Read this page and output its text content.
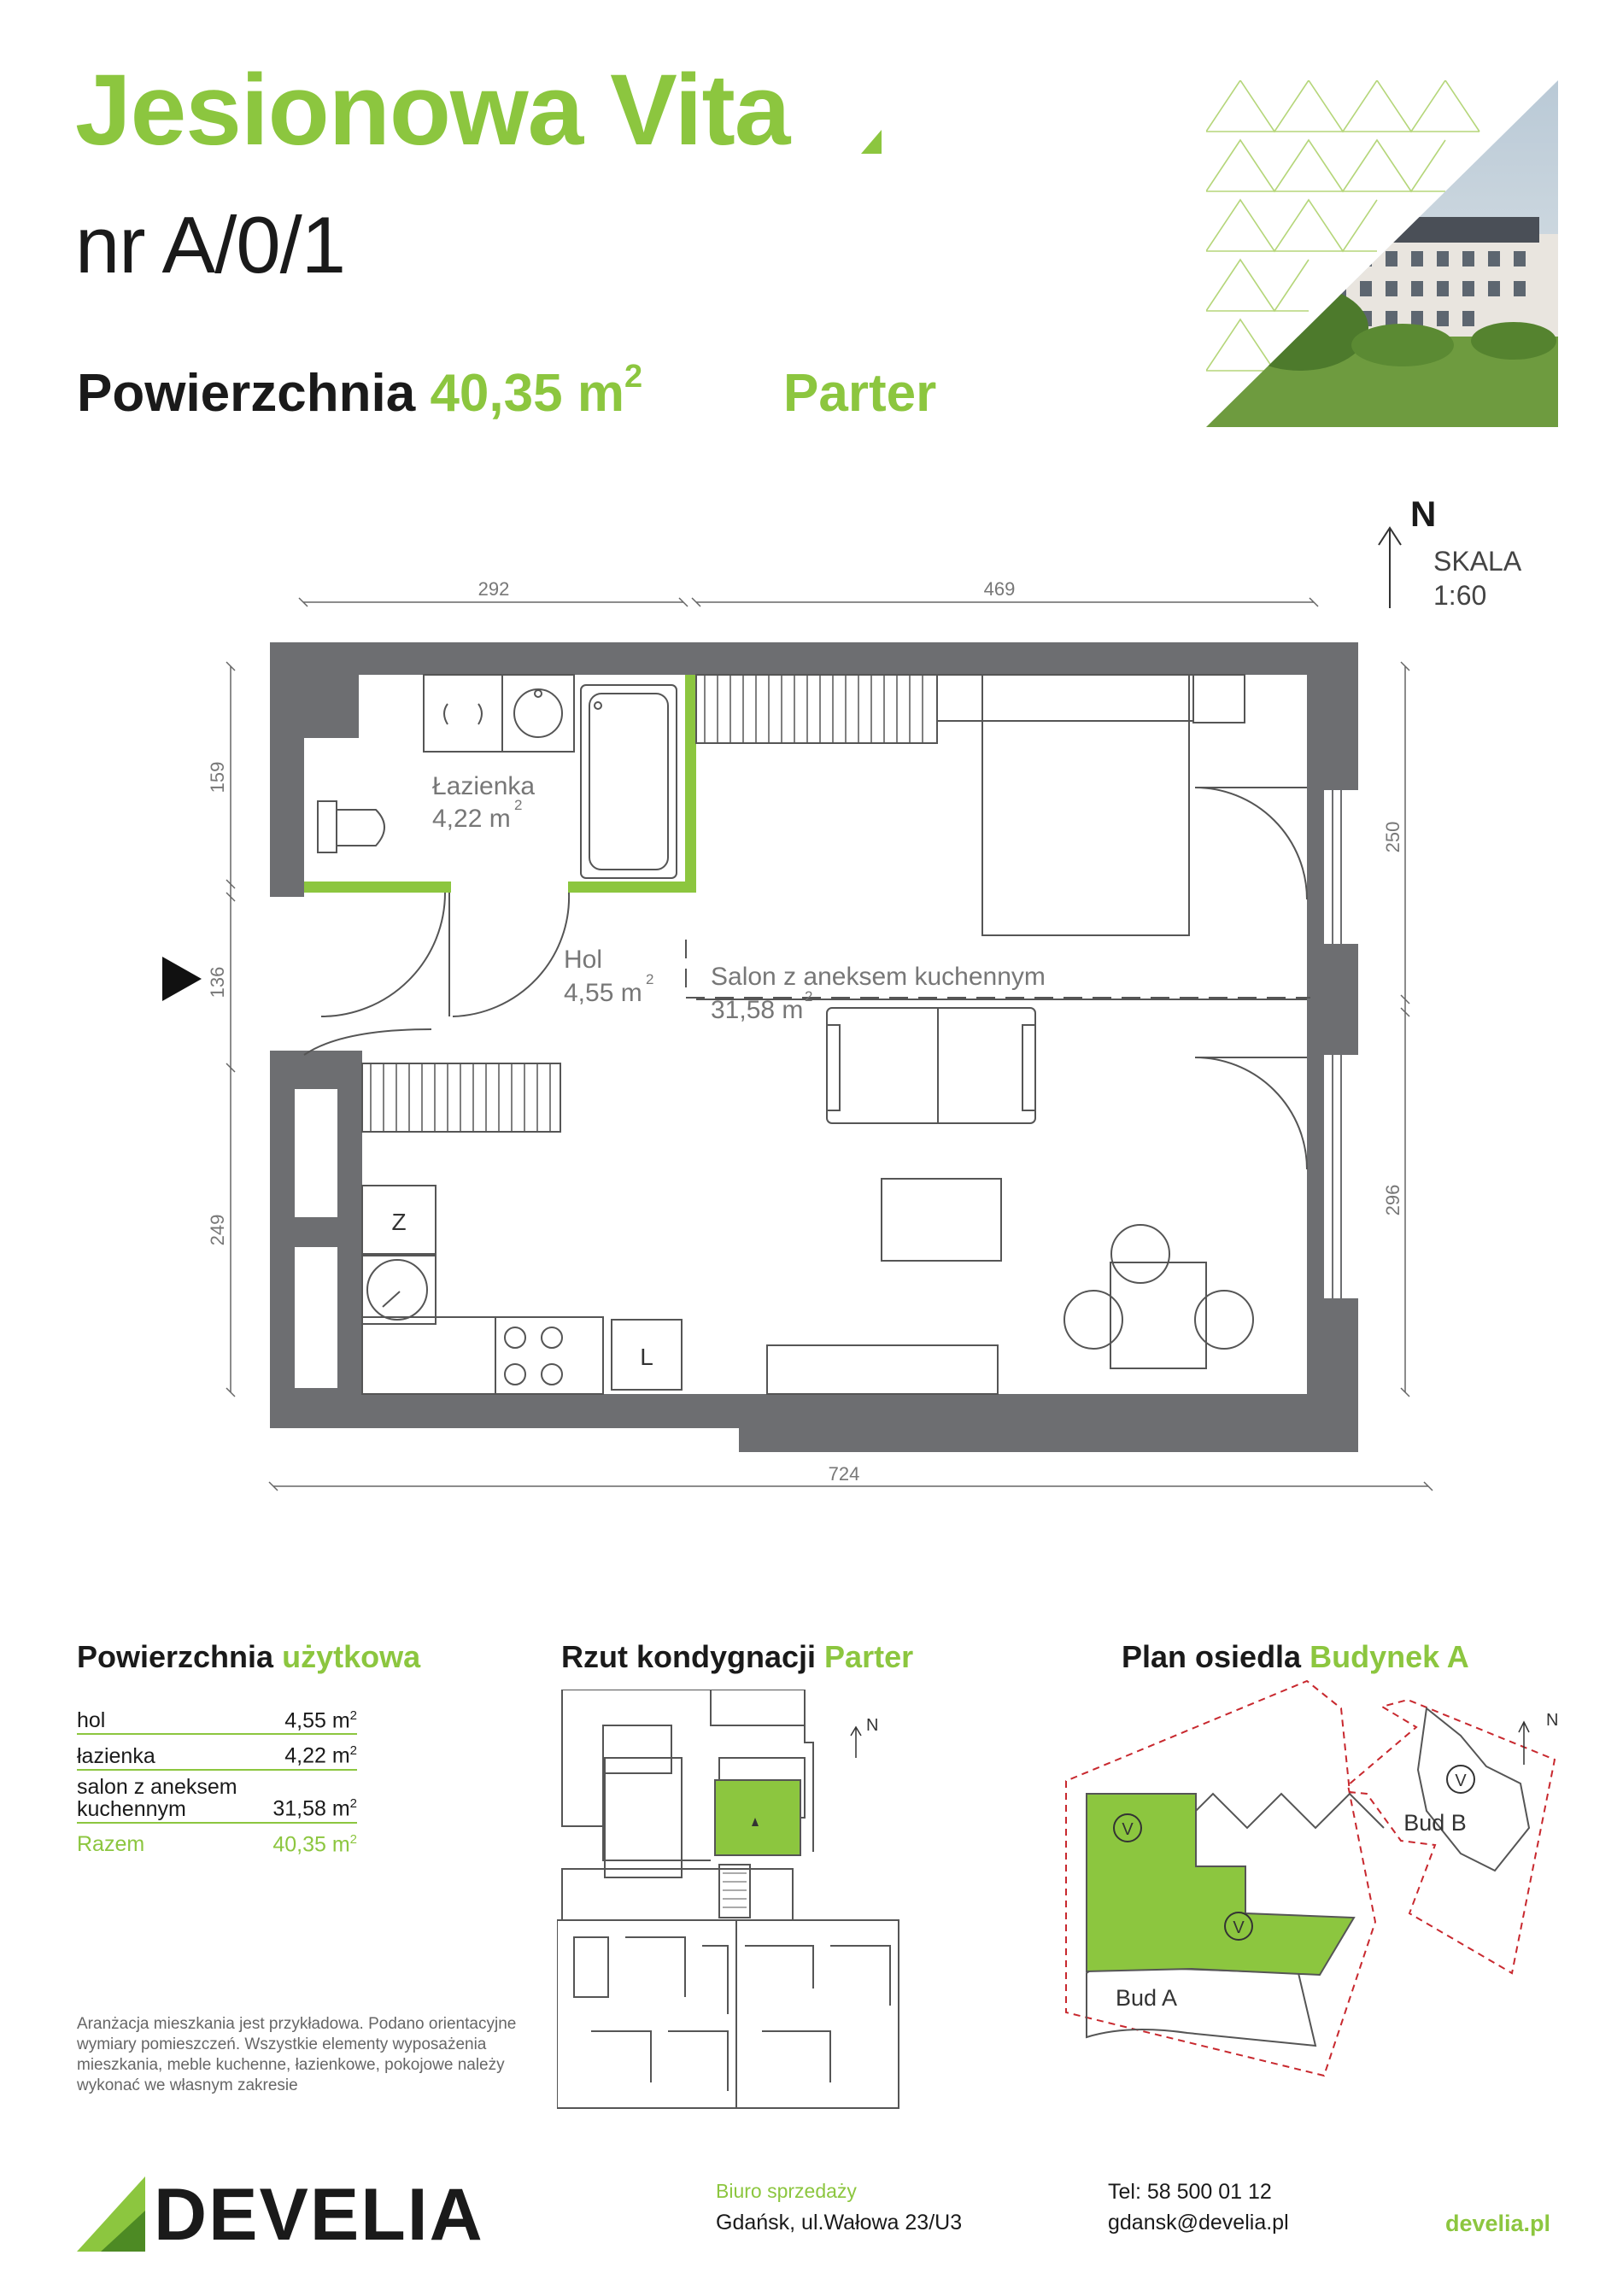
Jesionowa Vita
nr A/0/1
Powierzchnia 40,35 $m^2$	Parter
N
SKALA
1:60
292	469
724
159
136
249
250
296
Z
L
Łazienka
4,22 m 2
Hol
4,55 m 2 Salon z aneksem kuchennym
31,58 m 2
Powierzchnia użytkowa	Rzut kondygnacji Parter	Plan osiedla Budynek A
hol	4,55 $m^2$
łazienka	4,22 $m^2$
salon z aneksem kuchennym	31,58 $m^2$
Razem	40,35 $m^2$
Aranżacja mieszkania jest przykładowa. Podano orientacyjne wymiary pomieszczeń. Wszystkie elementy wyposażenia mieszkania, meble kuchenne, łazienkowe, pokojowe należy wykonać we własnym zakresie
N
V
V
V
Bud A
Bud B
N
DEVELIA	Biuro sprzedaży
Gdańsk, ul.Wałowa 23/U3
Tel: 58 500 01 12
gdansk@develia.pl	develia.pl
